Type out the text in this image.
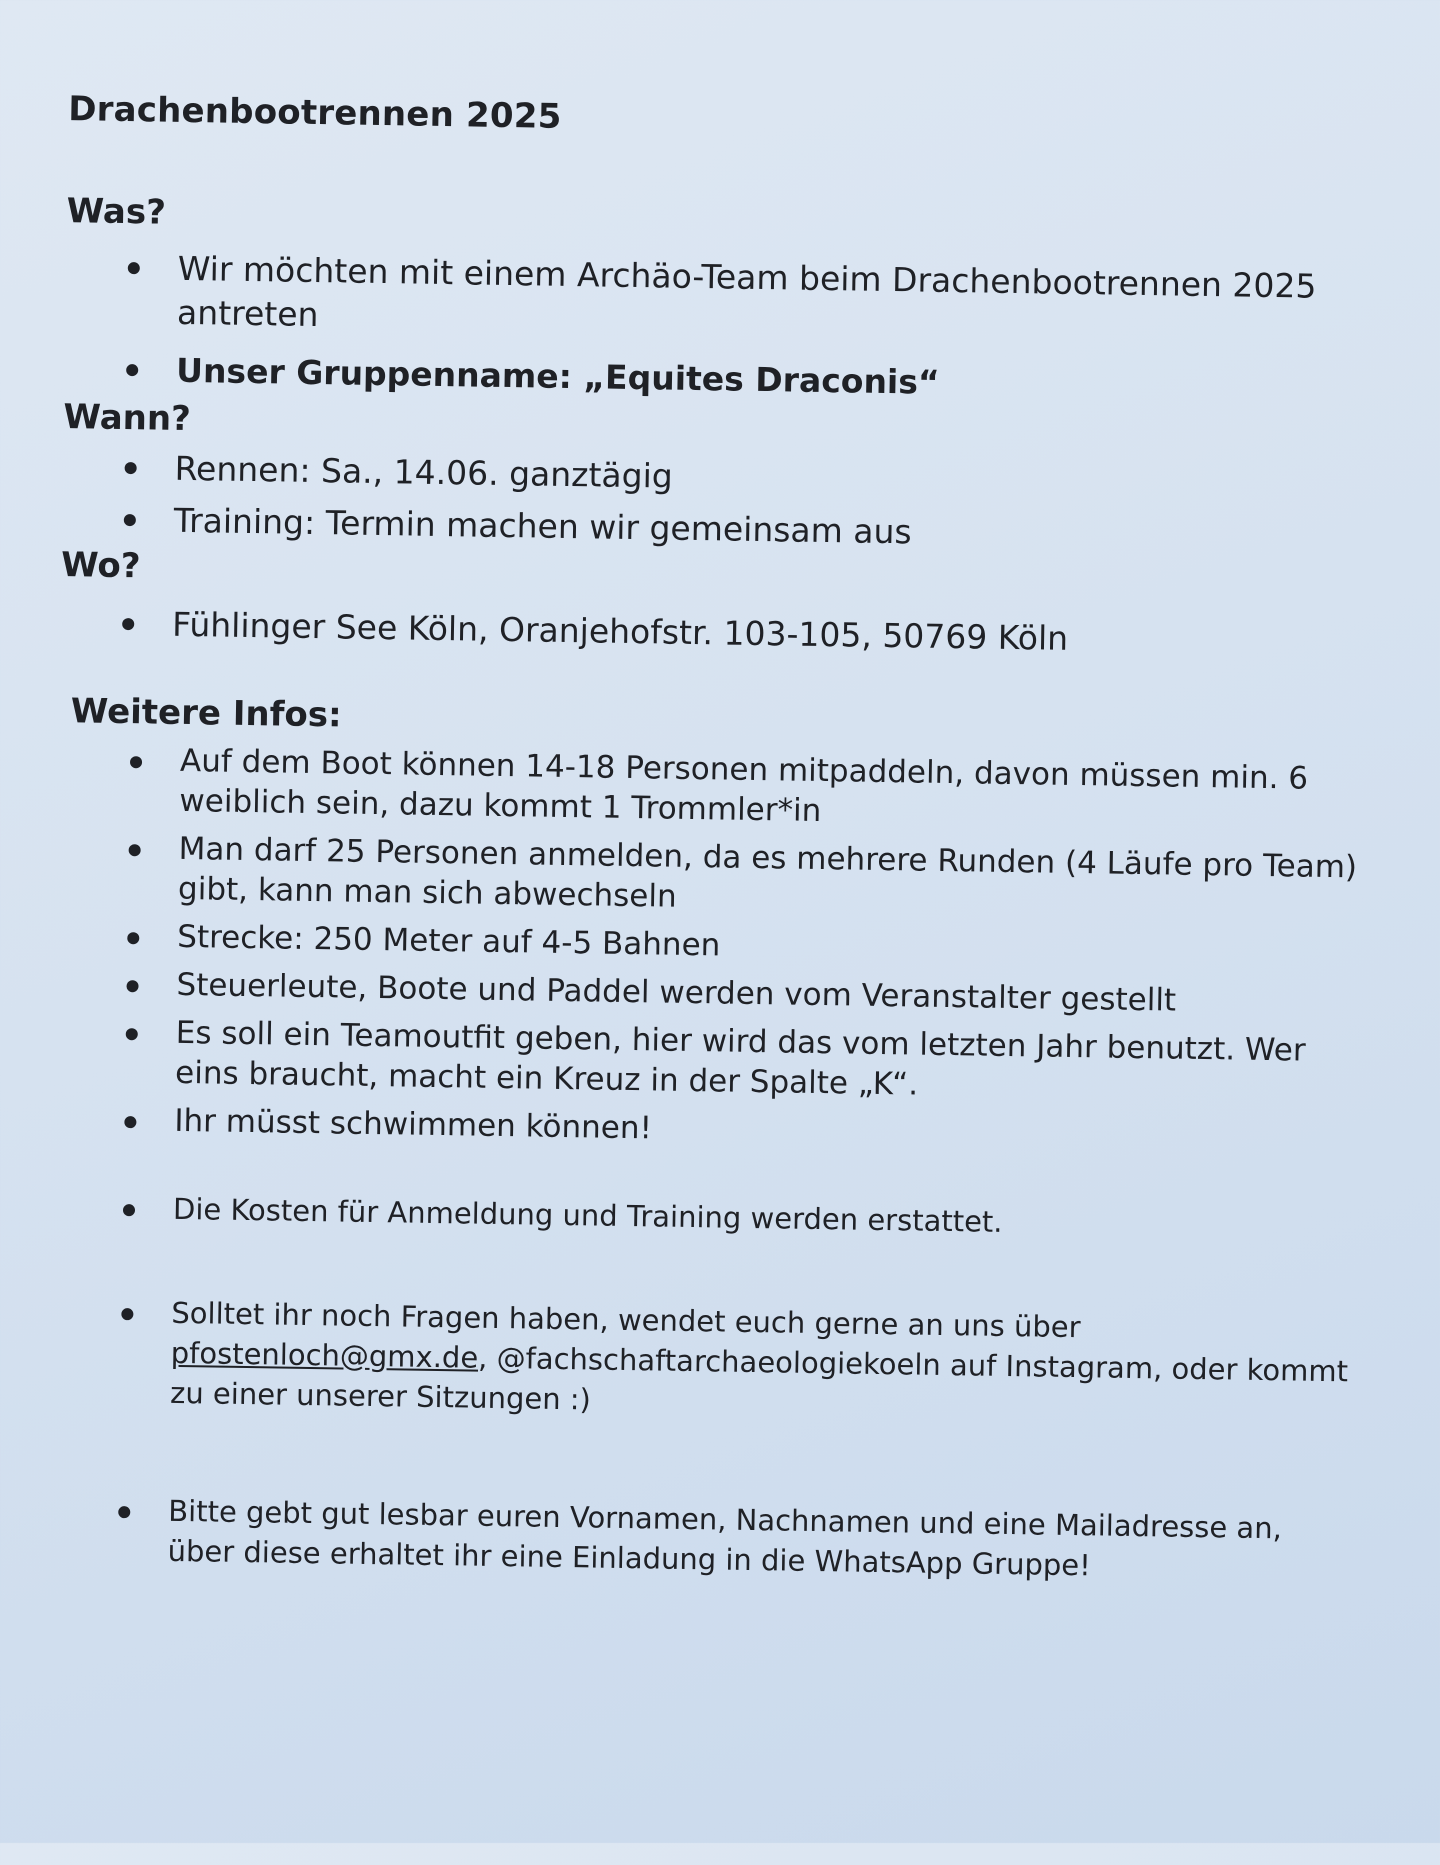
Drachenbootrennen 2025
Was?
Wir möchten mit einem Archäo-Team beim Drachenbootrennen 2025 antreten
Unser Gruppenname: „Equites Draconis“
Wann?
Rennen: Sa., 14.06. ganztägig
Training: Termin machen wir gemeinsam aus
Wo?
Fühlinger See Köln, Oranjehofstr. 103-105, 50769 Köln
Weitere Infos:
Auf dem Boot können 14-18 Personen mitpaddeln, davon müssen min. 6 weiblich sein, dazu kommt 1 Trommler*in
Man darf 25 Personen anmelden, da es mehrere Runden (4 Läufe pro Team) gibt, kann man sich abwechseln
Strecke: 250 Meter auf 4-5 Bahnen
Steuerleute, Boote und Paddel werden vom Veranstalter gestellt
Es soll ein Teamoutfit geben, hier wird das vom letzten Jahr benutzt. Wer eins braucht, macht ein Kreuz in der Spalte „K“.
Ihr müsst schwimmen können!
Die Kosten für Anmeldung und Training werden erstattet.
Solltet ihr noch Fragen haben, wendet euch gerne an uns über pfostenloch@gmx.de, @fachschaftarchaeologiekoeln auf Instagram, oder kommt zu einer unserer Sitzungen :)
Bitte gebt gut lesbar euren Vornamen, Nachnamen und eine Mailadresse an, über diese erhaltet ihr eine Einladung in die WhatsApp Gruppe!
